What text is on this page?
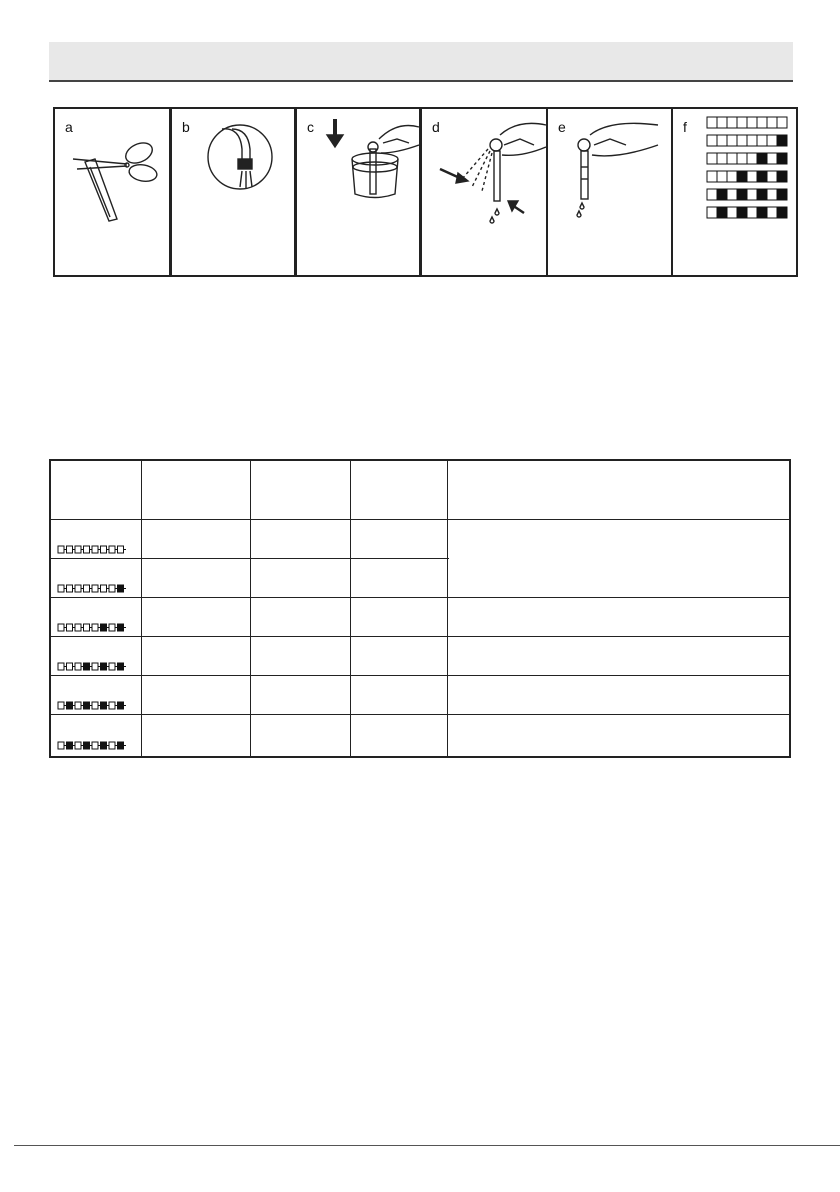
a	b	c	d	e	f
